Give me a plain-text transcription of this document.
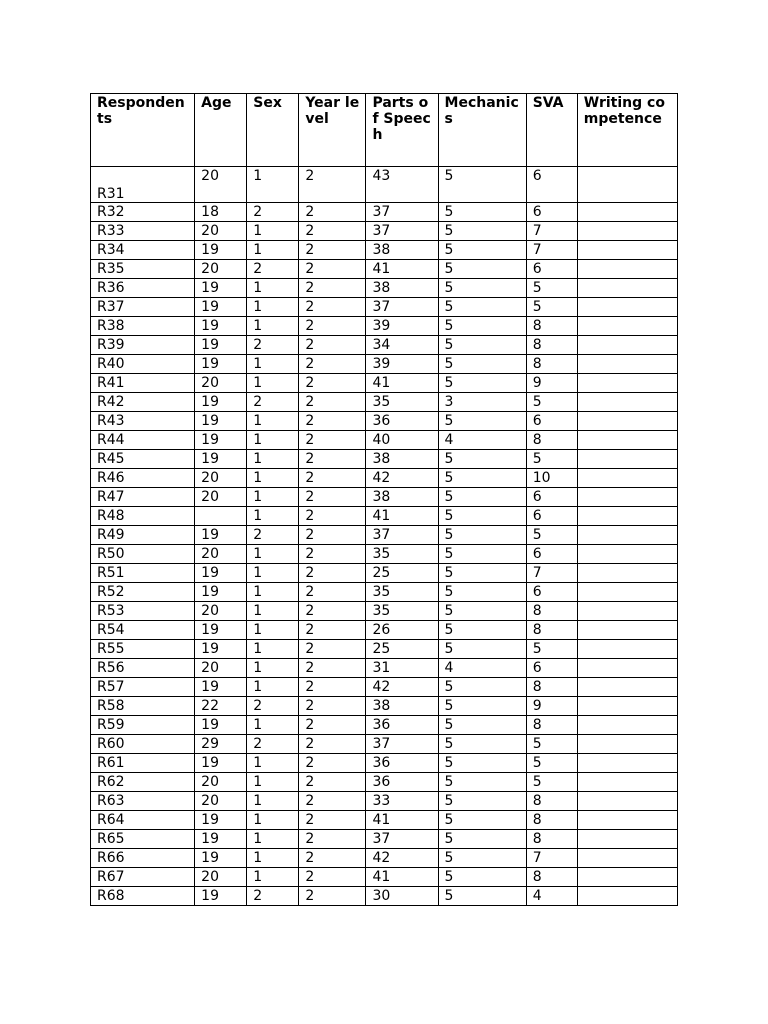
Respondents	Age	Sex	Year level	Parts of Speech	Mechanics	SVA	Writing competence
R31	20	1	2	43	5	6	
R32	18	2	2	37	5	6	
R33	20	1	2	37	5	7	
R34	19	1	2	38	5	7	
R35	20	2	2	41	5	6	
R36	19	1	2	38	5	5	
R37	19	1	2	37	5	5	
R38	19	1	2	39	5	8	
R39	19	2	2	34	5	8	
R40	19	1	2	39	5	8	
R41	20	1	2	41	5	9	
R42	19	2	2	35	3	5	
R43	19	1	2	36	5	6	
R44	19	1	2	40	4	8	
R45	19	1	2	38	5	5	
R46	20	1	2	42	5	10	
R47	20	1	2	38	5	6	
R48		1	2	41	5	6	
R49	19	2	2	37	5	5	
R50	20	1	2	35	5	6	
R51	19	1	2	25	5	7	
R52	19	1	2	35	5	6	
R53	20	1	2	35	5	8	
R54	19	1	2	26	5	8	
R55	19	1	2	25	5	5	
R56	20	1	2	31	4	6	
R57	19	1	2	42	5	8	
R58	22	2	2	38	5	9	
R59	19	1	2	36	5	8	
R60	29	2	2	37	5	5	
R61	19	1	2	36	5	5	
R62	20	1	2	36	5	5	
R63	20	1	2	33	5	8	
R64	19	1	2	41	5	8	
R65	19	1	2	37	5	8	
R66	19	1	2	42	5	7	
R67	20	1	2	41	5	8	
R68	19	2	2	30	5	4	
